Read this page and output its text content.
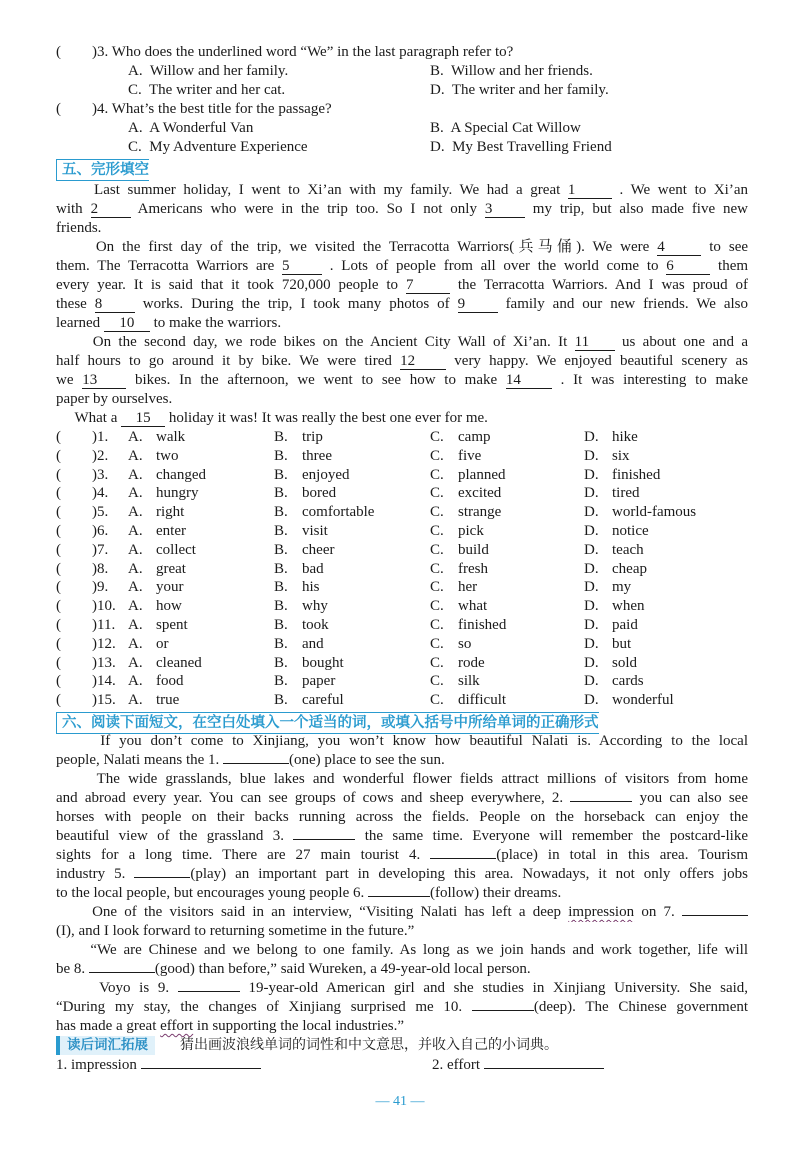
( )3. Who does the underlined word “We” in the last paragraph refer to?
A. Willow and her family.	B. Willow and her friends.
C. The writer and her cat.	D. The writer and her family.
( )4. What’s the best title for the passage?
A. A Wonderful Van	B. A Special Cat Willow
C. My Adventure Experience	D. My Best Travelling Friend
五、完形填空
Last summer holiday, I went to Xi’an with my family. We had a great 1	. We went to Xi’an
with 2	Americans who were in the trip too. So I not only 3	my trip, but also made five new
friends.
On the first day of the trip, we visited the Terracotta Warriors(兵马俑). We were 4	to see
them. The Terracotta Warriors are 5	. Lots of people from all over the world come to 6	them
every year. It is said that it took 720,000 people to 7	the Terracotta Warriors. And I was proud of
these 8	works. During the trip, I took many photos of 9	family and our new friends. We also
learned 10 to make the warriors.
On the second day, we rode bikes on the Ancient City Wall of Xi’an. It 11 us about one and a
half hours to go around it by bike. We were tired 12	very happy. We enjoyed beautiful scenery as
we 13	bikes. In the afternoon, we went to see how to make 14	. It was interesting to make
paper by ourselves.
What a 15 holiday it was! It was really the best one ever for me.
( )1. A. walk	B. trip	C. camp	D. hike
( )2. A. two	B. three	C. five	D. six
( )3. A. changed	B. enjoyed	C. planned	D. finished
( )4. A. hungry	B. bored	C. excited	D. tired
( )5. A. right	B. comfortable	C. strange	D. world-famous
( )6. A. enter	B. visit	C. pick	D. notice
( )7. A. collect	B. cheer	C. build	D. teach
( )8. A. great	B. bad	C. fresh	D. cheap
( )9. A. your	B. his	C. her	D. my
( )10. A. how	B. why	C. what	D. when
( )11. A. spent	B. took	C. finished	D. paid
( )12. A. or	B. and	C. so	D. but
( )13. A. cleaned	B. bought	C. rode	D. sold
( )14. A. food	B. paper	C. silk	D. cards
( )15. A. true	B. careful	C. difficult	D. wonderful
六、阅读下面短文，在空白处填入一个适当的词，或填入括号中所给单词的正确形式
If you don’t come to Xinjiang, you won’t know how beautiful Nalati is. According to the local
people, Nalati means the 1.	(one) place to see the sun.
The wide grasslands, blue lakes and wonderful flower fields attract millions of visitors from home
and abroad every year. You can see groups of cows and sheep everywhere, 2.	you can also see
horses with people on their backs running across the fields. People on the horseback can enjoy the
beautiful view of the grassland 3.	the same time. Everyone will remember the postcard-like
sights for a long time. There are 27 main tourist 4.	(place) in total in this area. Tourism
industry 5.	(play) an important part in developing this area. Nowadays, it not only offers jobs
to the local people, but encourages young people 6.	(follow) their dreams.
One of the visitors said in an interview, “Visiting Nalati has left a deep impression on 7.
(I), and I look forward to returning sometime in the future.”
“We are Chinese and we belong to one family. As long as we join hands and work together, life will
be 8.	(good) than before,” said Wureken, a 49-year-old local person.
Voyo is 9.	19-year-old American girl and she studies in Xinjiang University. She said,
“During my stay, the changes of Xinjiang surprised me 10.	(deep). The Chinese government
has made a great effort in supporting the local industries.”
读后词汇拓展	猜出画波浪线单词的词性和中文意思，并收入自己的小词典。
1. impression	2. effort
— 41 —
